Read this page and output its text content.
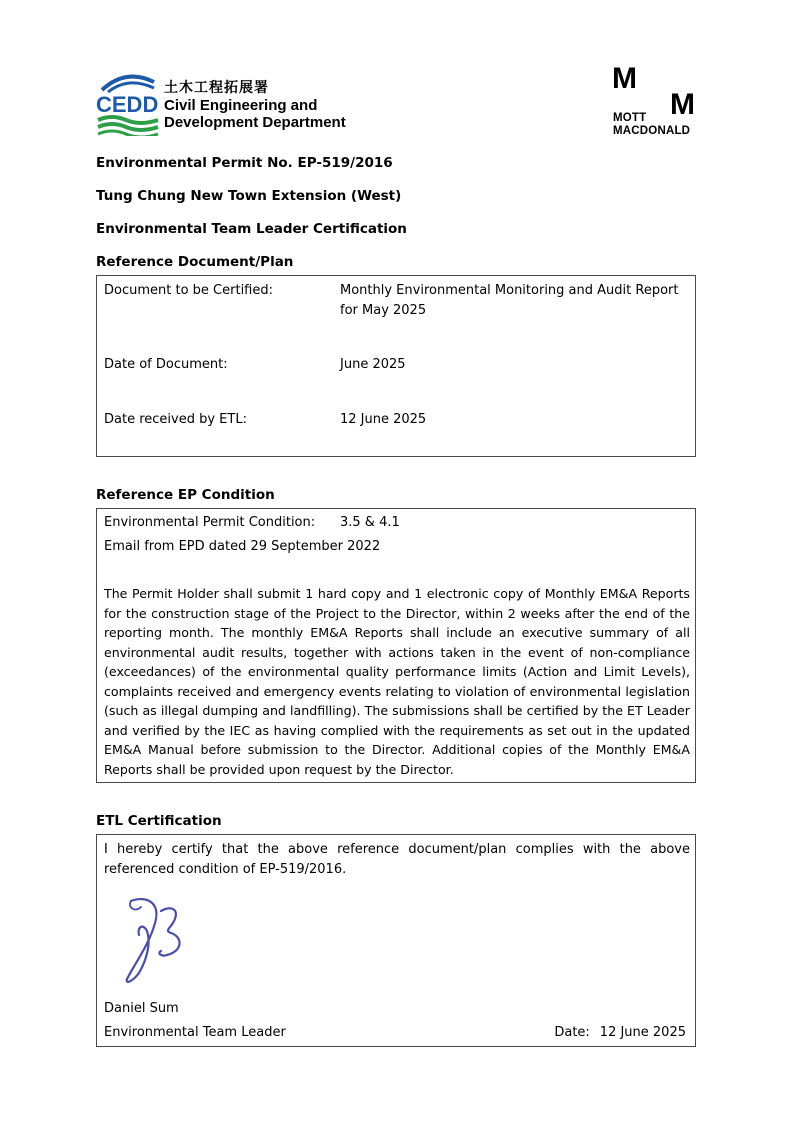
CEDD
土木工程拓展署
Civil Engineering and
Development Department
M
M
MOTT
MACDONALD
Environmental Permit No. EP-519/2016
Tung Chung New Town Extension (West)
Environmental Team Leader Certification
Reference Document/Plan
Document to be Certified:	Monthly Environmental Monitoring and Audit Report for May 2025
Date of Document:	June 2025
Date received by ETL:	12 June 2025
Reference EP Condition
Environmental Permit Condition: 3.5 & 4.1
Email from EPD dated 29 September 2022
The Permit Holder shall submit 1 hard copy and 1 electronic copy of Monthly EM&A Reports for the construction stage of the Project to the Director, within 2 weeks after the end of the reporting month. The monthly EM&A Reports shall include an executive summary of all environmental audit results, together with actions taken in the event of non-compliance (exceedances) of the environmental quality performance limits (Action and Limit Levels), complaints received and emergency events relating to violation of environmental legislation (such as illegal dumping and landfilling). The submissions shall be certified by the ET Leader and verified by the IEC as having complied with the requirements as set out in the updated EM&A Manual before submission to the Director. Additional copies of the Monthly EM&A Reports shall be provided upon request by the Director.
ETL Certification
I hereby certify that the above reference document/plan complies with the above referenced condition of EP-519/2016.
Daniel Sum
Environmental Team Leader	Date: 12 June 2025
